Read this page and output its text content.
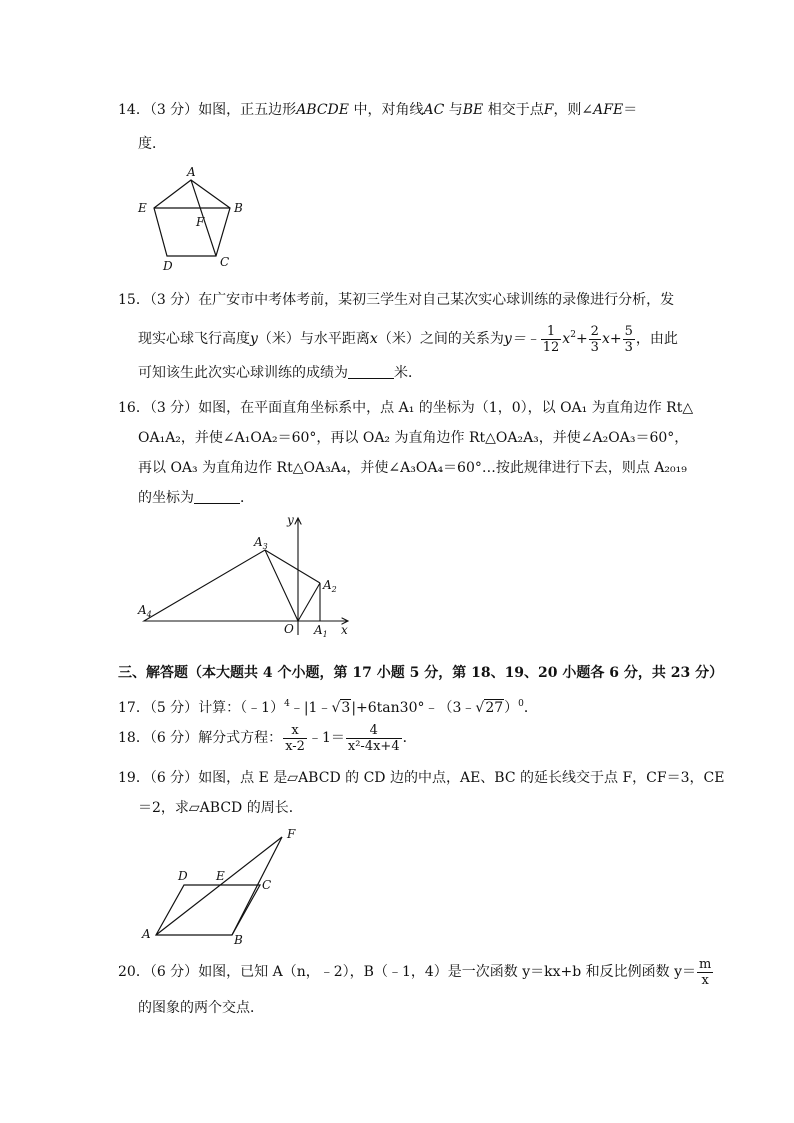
14．（3 分）如图，正五边形ABCDE 中，对角线AC 与BE 相交于点F，则∠AFE＝
度．
A
B
C
D
E
F
15．（3 分）在广安市中考体考前，某初三学生对自己某次实心球训练的录像进行分析，发
现实心球飞行高度y（米）与水平距离x（米）之间的关系为y＝﹣ $\frac{1}{12} x^2+ \frac{2}{3} x+ \frac{5}{3}$ ，由此
可知该生此次实心球训练的成绩为	米．
16．（3 分）如图，在平面直角坐标系中，点 A₁ 的坐标为（1，0），以 OA₁ 为直角边作 Rt△
OA₁A₂，并使∠A₁OA₂＝60°，再以 OA₂ 为直角边作 Rt△OA₂A₃，并使∠A₂OA₃＝60°，
再以 OA₃ 为直角边作 Rt△OA₃A₄，并使∠A₃OA₄＝60°…按此规律进行下去，则点 A₂₀₁₉
的坐标为	．
y
x
O $A_1$
$A_2$
$A_3$
$A_4$
三、解答题（本大题共 4 个小题，第 17 小题 5 分，第 18、19、20 小题各 6 分，共 23 分）
17．（5 分）计算：（﹣1）$^4$﹣|1﹣√3|+6tan30°﹣（3﹣√27）$^0$．
18．（6 分）解分式方程： $\frac{x}{x-2}$ ﹣1＝ $\frac{4}{\text{x²-4x+4}}$ ．
19．（6 分）如图，点 E 是▱ABCD 的 CD 边的中点，AE、BC 的延长线交于点 F，CF＝3，CE
＝2，求▱ABCD 的周长．
A	B
C
D E
F
20．（6 分）如图，已知 A（n，﹣2），B（﹣1，4）是一次函数 y＝kx+b 和反比例函数 $y= \frac{m}{x}$
的图象的两个交点．
